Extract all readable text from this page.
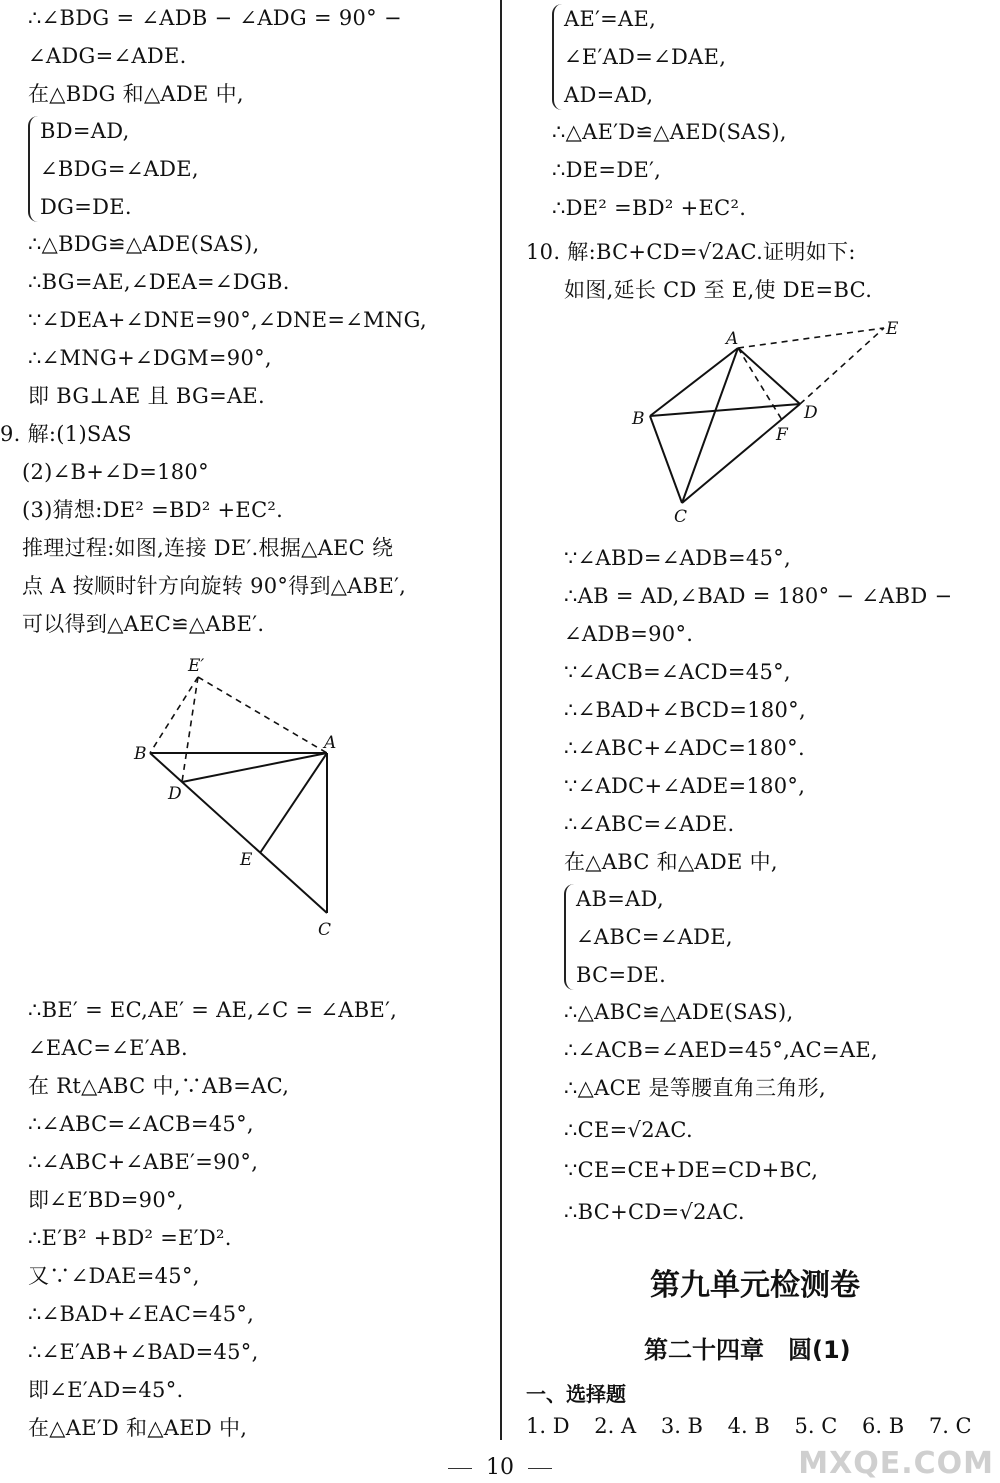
∴∠BDG = ∠ADB − ∠ADG = 90° −
∠ADG=∠ADE.
在△BDG 和△ADE 中,
BD=AD,
∠BDG=∠ADE,
DG=DE.
∴△BDG≌△ADE(SAS),
∴BG=AE,∠DEA=∠DGB.
∵∠DEA+∠DNE=90°,∠DNE=∠MNG,
∴∠MNG+∠DGM=90°,
即 BG⊥AE 且 BG=AE.
9. 解:(1)SAS
(2)∠B+∠D=180°
(3)猜想:DE² =BD² +EC².
推理过程:如图,连接 DE′.根据△AEC 绕
点 A 按顺时针方向旋转 90°得到△ABE′,
可以得到△AEC≌△ABE′.
E′
B
A
D
E
C
∴BE′ = EC,AE′ = AE,∠C = ∠ABE′,
∠EAC=∠E′AB.
在 Rt△ABC 中,∵AB=AC,
∴∠ABC=∠ACB=45°,
∴∠ABC+∠ABE′=90°,
即∠E′BD=90°,
∴E′B² +BD² =E′D².
又∵∠DAE=45°,
∴∠BAD+∠EAC=45°,
∴∠E′AB+∠BAD=45°,
即∠E′AD=45°.
在△AE′D 和△AED 中,
AE′=AE,
∠E′AD=∠DAE,
AD=AD,
∴△AE′D≌△AED(SAS),
∴DE=DE′,
∴DE² =BD² +EC².
10. 解:BC+CD=√2AC.证明如下:
如图,延长 CD 至 E,使 DE=BC.
A	E
B	D
F
C
∵∠ABD=∠ADB=45°,
∴AB = AD,∠BAD = 180° − ∠ABD −
∠ADB=90°.
∵∠ACB=∠ACD=45°,
∴∠BAD+∠BCD=180°,
∴∠ABC+∠ADC=180°.
∵∠ADC+∠ADE=180°,
∴∠ABC=∠ADE.
在△ABC 和△ADE 中,
AB=AD,
∠ABC=∠ADE,
BC=DE.
∴△ABC≌△ADE(SAS),
∴∠ACB=∠AED=45°,AC=AE,
∴△ACE 是等腰直角三角形,
∴CE=√2AC.
∵CE=CE+DE=CD+BC,
∴BC+CD=√2AC.
第九单元检测卷
第二十四章　圆(1)
一、选择题
1. D 2. A 3. B 4. B 5. C 6. B 7. C
10	MXQE.COM
